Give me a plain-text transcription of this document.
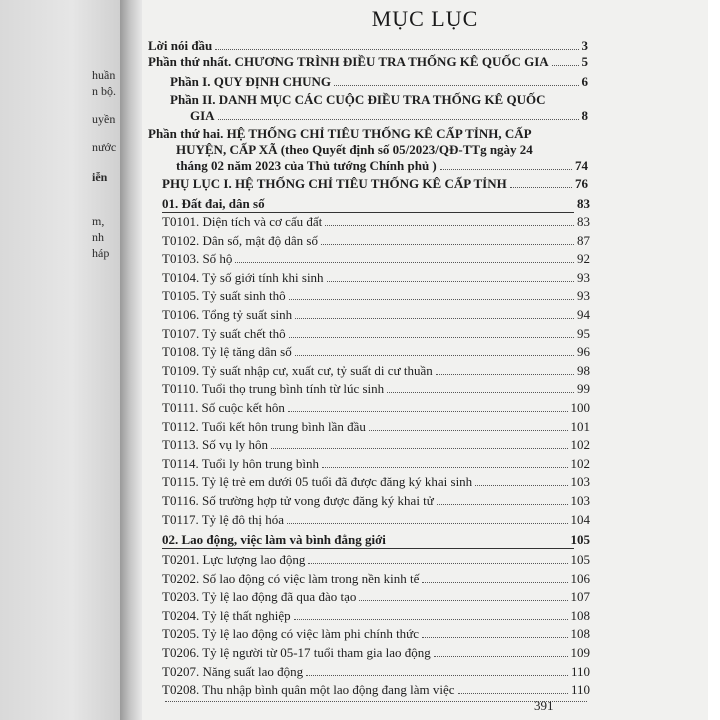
huần
n bộ.
uyền
nước
iễn
m,
nh
háp
MỤC LỤC
Lời nói đầu	3
Phần thứ nhất. CHƯƠNG TRÌNH ĐIỀU TRA THỐNG KÊ QUỐC GIA	5
Phần I. QUY ĐỊNH CHUNG	6
Phần II. DANH MỤC CÁC CUỘC ĐIỀU TRA THỐNG KÊ QUỐC
GIA	8
Phần thứ hai. HỆ THỐNG CHỈ TIÊU THỐNG KÊ CẤP TỈNH, CẤP
HUYỆN, CẤP XÃ (theo Quyết định số 05/2023/QĐ-TTg ngày 24
tháng 02 năm 2023 của Thủ tướng Chính phủ )	74
PHỤ LỤC I. HỆ THỐNG CHỈ TIÊU THỐNG KÊ CẤP TỈNH	76
01. Đất đai, dân số	83
T0101. Diện tích và cơ cấu đất	83
T0102. Dân số, mật độ dân số	87
T0103. Số hộ	92
T0104. Tỷ số giới tính khi sinh	93
T0105. Tỷ suất sinh thô	93
T0106. Tổng tỷ suất sinh	94
T0107. Tỷ suất chết thô	95
T0108. Tỷ lệ tăng dân số	96
T0109. Tỷ suất nhập cư, xuất cư, tỷ suất di cư thuần	98
T0110. Tuổi thọ trung bình tính từ lúc sinh	99
T0111. Số cuộc kết hôn	100
T0112. Tuổi kết hôn trung bình lần đầu	101
T0113. Số vụ ly hôn	102
T0114. Tuổi ly hôn trung bình	102
T0115. Tỷ lệ trẻ em dưới 05 tuổi đã được đăng ký khai sinh	103
T0116. Số trường hợp tử vong được đăng ký khai tử	103
T0117. Tỷ lệ đô thị hóa	104
02. Lao động, việc làm và bình đẳng giới	105
T0201. Lực lượng lao động	105
T0202. Số lao động có việc làm trong nền kinh tế	106
T0203. Tỷ lệ lao động đã qua đào tạo	107
T0204. Tỷ lệ thất nghiệp	108
T0205. Tỷ lệ lao động có việc làm phi chính thức	108
T0206. Tỷ lệ người từ 05-17 tuổi tham gia lao động	109
T0207. Năng suất lao động	110
T0208. Thu nhập bình quân một lao động đang làm việc	110
391
